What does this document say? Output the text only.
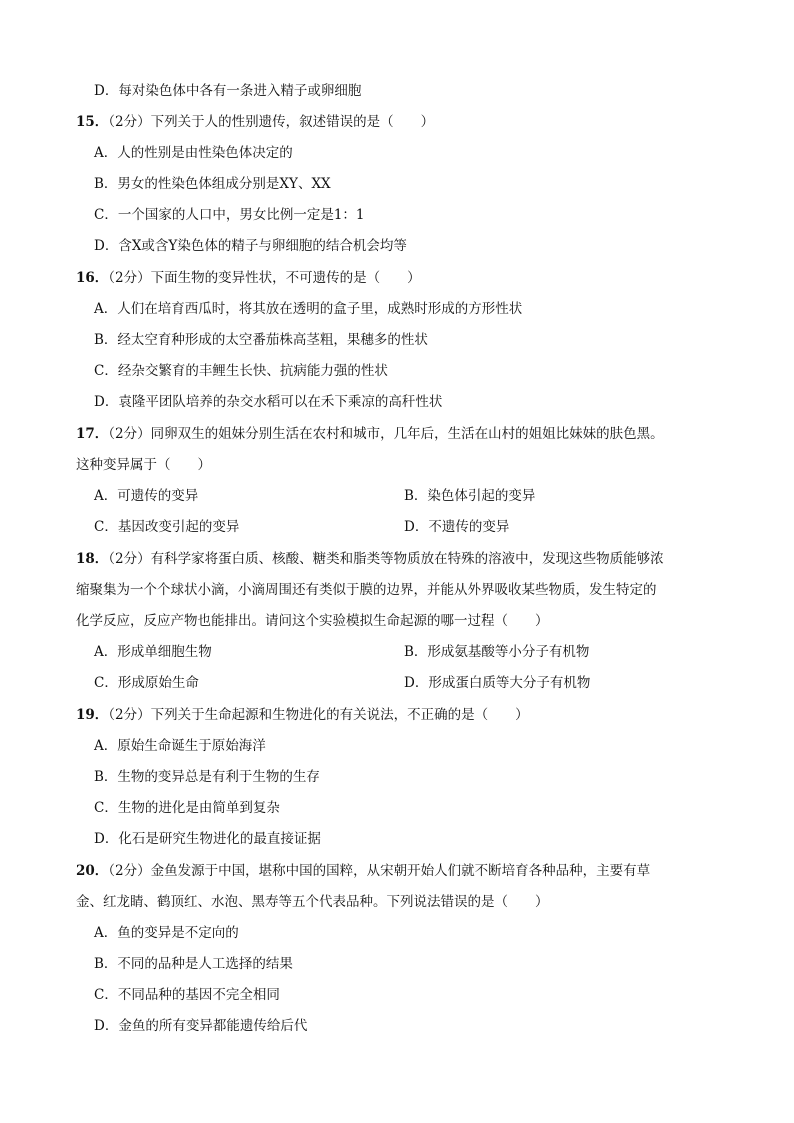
D．每对染色体中各有一条进入精子或卵细胞
15．（2分）下列关于人的性别遗传，叙述错误的是（　　）
A．人的性别是由性染色体决定的
B．男女的性染色体组成分别是XY、XX
C．一个国家的人口中，男女比例一定是1：1
D．含X或含Y染色体的精子与卵细胞的结合机会均等
16．（2分）下面生物的变异性状，不可遗传的是（　　）
A．人们在培育西瓜时，将其放在透明的盒子里，成熟时形成的方形性状
B．经太空育种形成的太空番茄株高茎粗，果穗多的性状
C．经杂交繁育的丰鲤生长快、抗病能力强的性状
D．袁隆平团队培养的杂交水稻可以在禾下乘凉的高秆性状
17．（2分）同卵双生的姐妹分别生活在农村和城市，几年后，生活在山村的姐姐比妹妹的肤色黑。
这种变异属于（　　）
A．可遗传的变异	B．染色体引起的变异
C．基因改变引起的变异	D．不遗传的变异
18．（2分）有科学家将蛋白质、核酸、糖类和脂类等物质放在特殊的溶液中，发现这些物质能够浓
缩聚集为一个个球状小滴，小滴周围还有类似于膜的边界，并能从外界吸收某些物质，发生特定的
化学反应，反应产物也能排出。请问这个实验模拟生命起源的哪一过程（　　）
A．形成单细胞生物	B．形成氨基酸等小分子有机物
C．形成原始生命	D．形成蛋白质等大分子有机物
19．（2分）下列关于生命起源和生物进化的有关说法，不正确的是（　　）
A．原始生命诞生于原始海洋
B．生物的变异总是有利于生物的生存
C．生物的进化是由简单到复杂
D．化石是研究生物进化的最直接证据
20．（2分）金鱼发源于中国，堪称中国的国粹，从宋朝开始人们就不断培育各种品种，主要有草
金、红龙睛、鹤顶红、水泡、黑寿等五个代表品种。下列说法错误的是（　　）
A．鱼的变异是不定向的
B．不同的品种是人工选择的结果
C．不同品种的基因不完全相同
D．金鱼的所有变异都能遗传给后代
